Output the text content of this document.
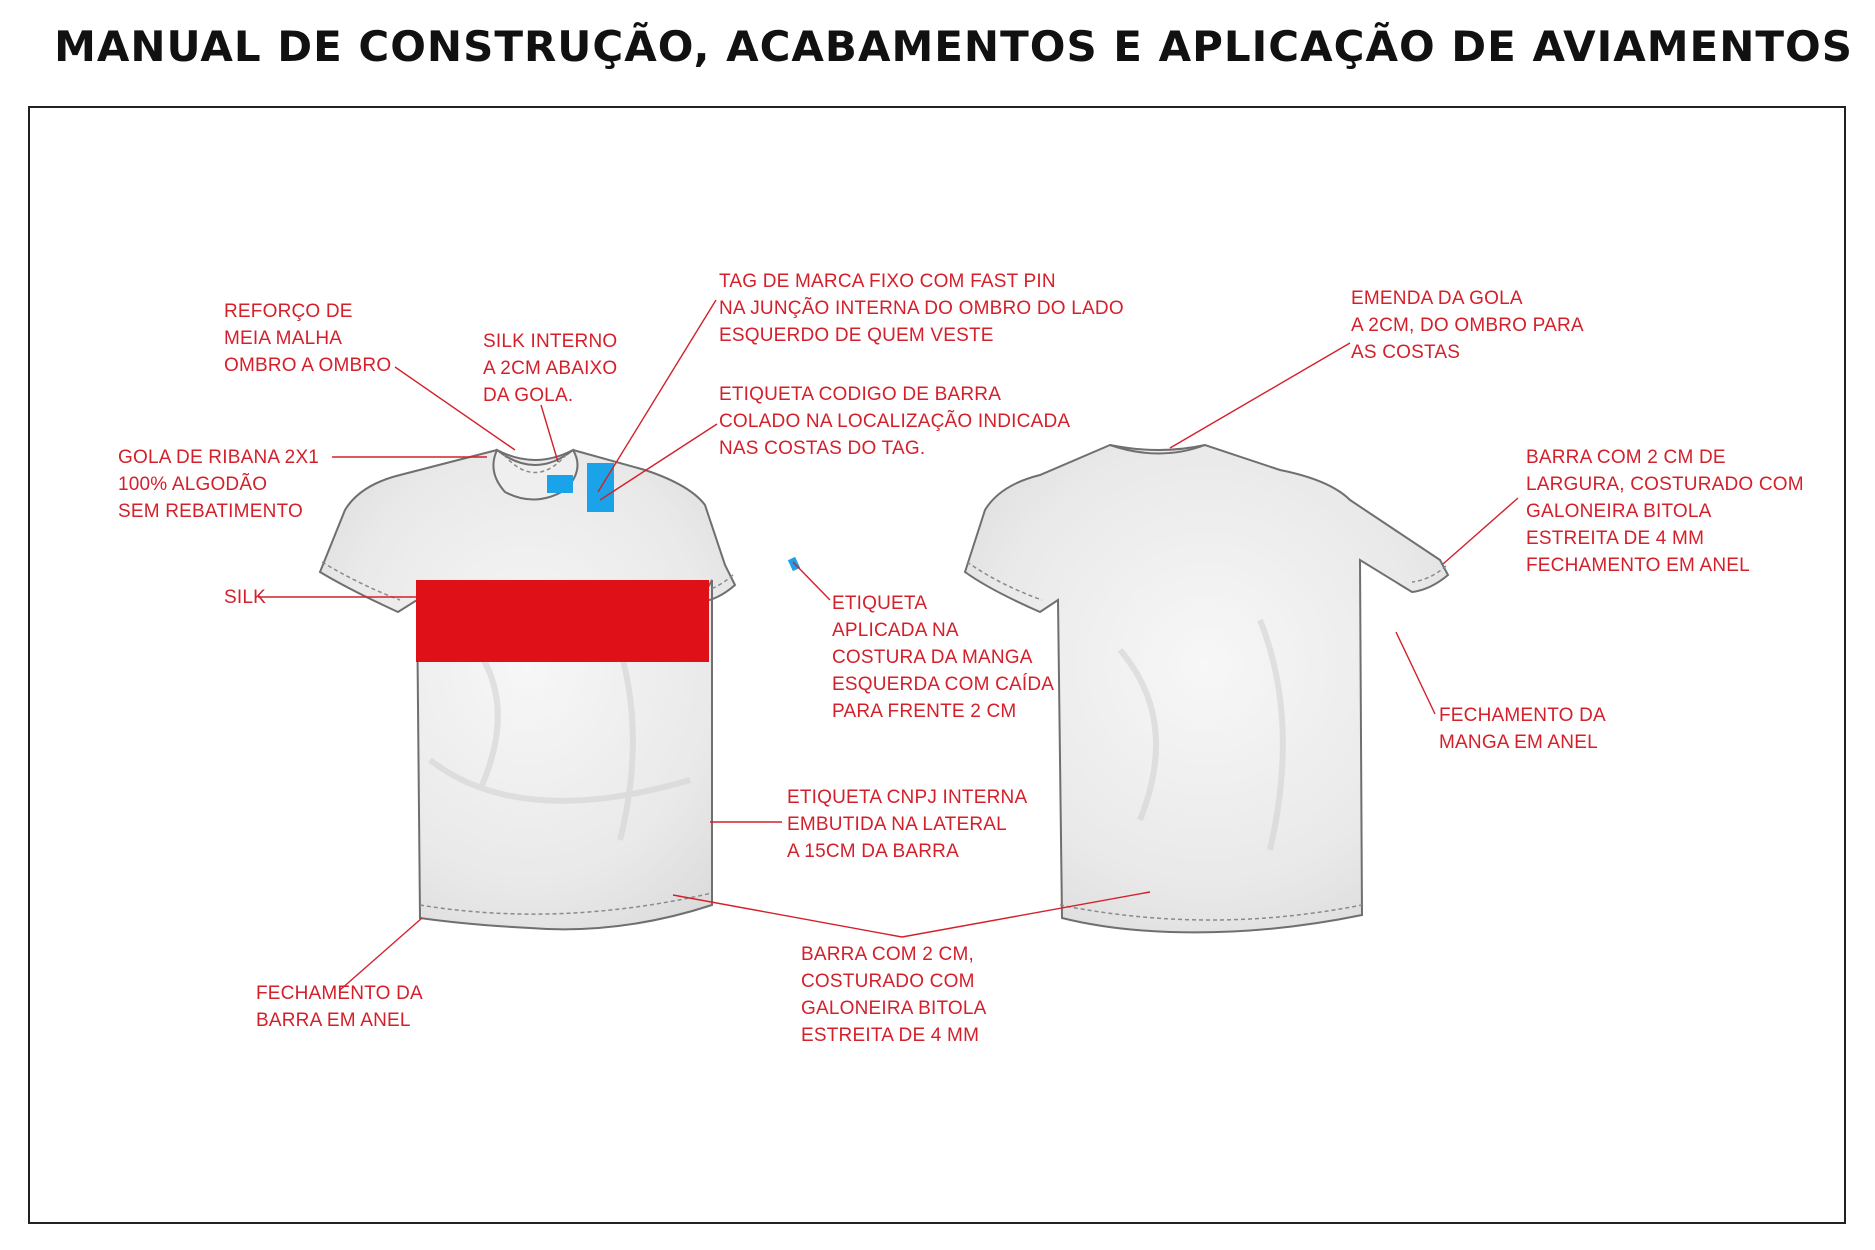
MANUAL DE CONSTRUÇÃO, ACABAMENTOS E APLICAÇÃO DE AVIAMENTOS
REFORÇO DE
MEIA MALHA
OMBRO A OMBRO
SILK INTERNO
A 2CM ABAIXO
DA GOLA.
TAG DE MARCA FIXO COM FAST PIN
NA JUNÇÃO INTERNA DO OMBRO DO LADO
ESQUERDO DE QUEM VESTE
ETIQUETA CODIGO DE BARRA
COLADO NA LOCALIZAÇÃO INDICADA
NAS COSTAS DO TAG.
GOLA DE RIBANA 2X1
100% ALGODÃO
SEM REBATIMENTO
SILK	ETIQUETA
APLICADA NA
COSTURA DA MANGA
ESQUERDA COM CAÍDA
PARA FRENTE 2 CM
ETIQUETA CNPJ INTERNA
EMBUTIDA NA LATERAL
A 15CM DA BARRA
FECHAMENTO DA
BARRA EM ANEL
BARRA COM 2 CM,
COSTURADO COM
GALONEIRA BITOLA
ESTREITA DE 4 MM
EMENDA DA GOLA
A 2CM, DO OMBRO PARA
AS COSTAS
BARRA COM 2 CM DE
LARGURA, COSTURADO COM
GALONEIRA BITOLA
ESTREITA DE 4 MM
FECHAMENTO EM ANEL
FECHAMENTO DA
MANGA EM ANEL
